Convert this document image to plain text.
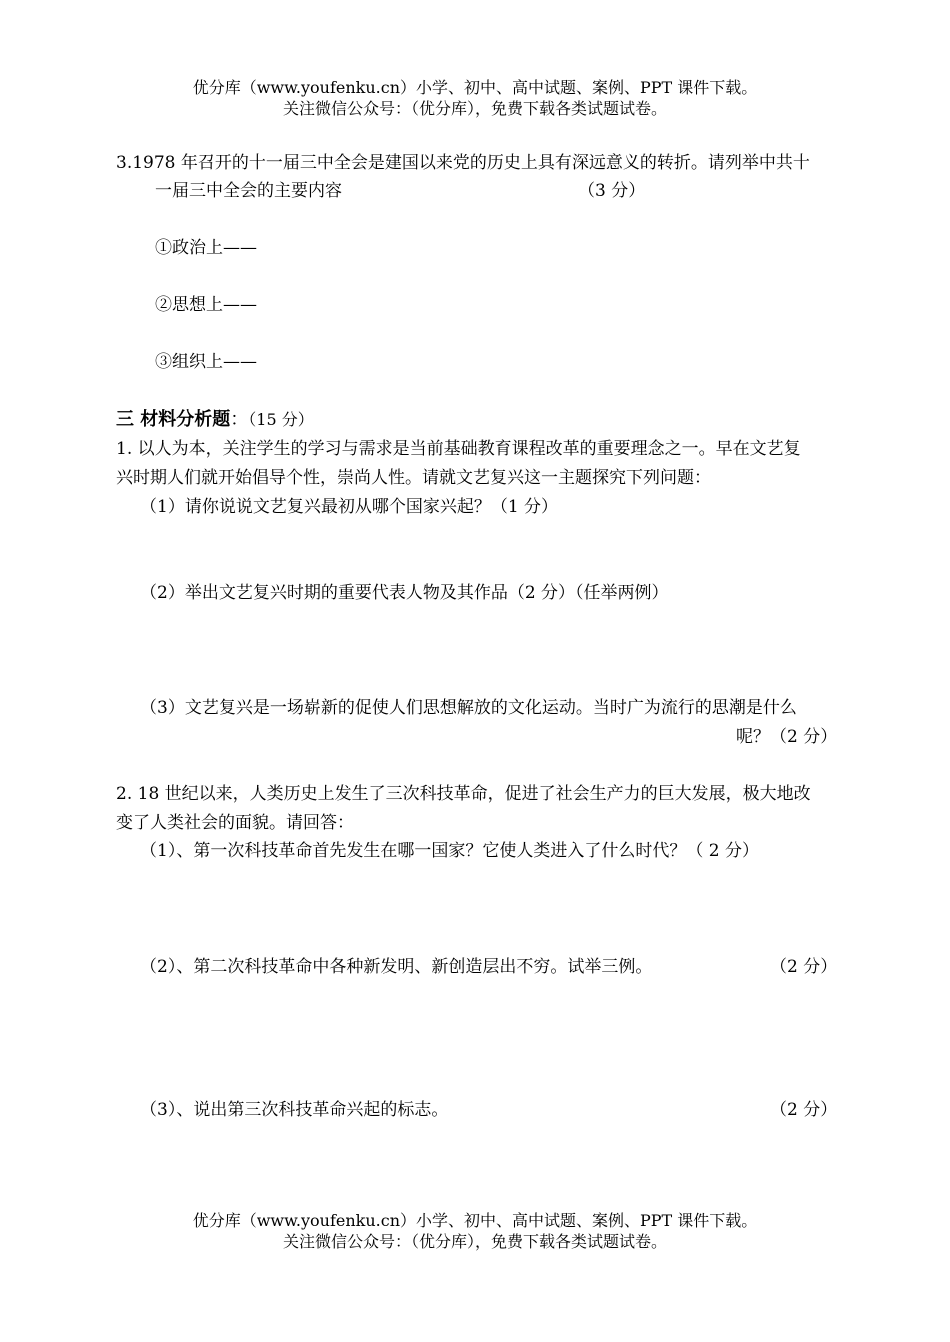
优分库（www.youfenku.cn）小学、初中、高中试题、案例、PPT 课件下载。
关注微信公众号：（优分库），免费下载各类试题试卷。
3.1978 年召开的十一届三中全会是建国以来党的历史上具有深远意义的转折。请列举中共十
一届三中全会的主要内容	（3 分）
①政治上——
②思想上——
③组织上——
三 材料分析题：（15 分）
1. 以人为本，关注学生的学习与需求是当前基础教育课程改革的重要理念之一。早在文艺复
兴时期人们就开始倡导个性，崇尚人性。请就文艺复兴这一主题探究下列问题：
（1）请你说说文艺复兴最初从哪个国家兴起？（1 分）
（2）举出文艺复兴时期的重要代表人物及其作品（2 分）（任举两例）
（3）文艺复兴是一场崭新的促使人们思想解放的文化运动。当时广为流行的思潮是什么
呢？（2 分）
2. 18 世纪以来，人类历史上发生了三次科技革命，促进了社会生产力的巨大发展，极大地改
变了人类社会的面貌。请回答：
（1）、第一次科技革命首先发生在哪一国家？它使人类进入了什么时代？（ 2 分）
（2）、第二次科技革命中各种新发明、新创造层出不穷。试举三例。	（2 分）
（3）、说出第三次科技革命兴起的标志。	（2 分）
优分库（www.youfenku.cn）小学、初中、高中试题、案例、PPT 课件下载。
关注微信公众号：（优分库），免费下载各类试题试卷。
